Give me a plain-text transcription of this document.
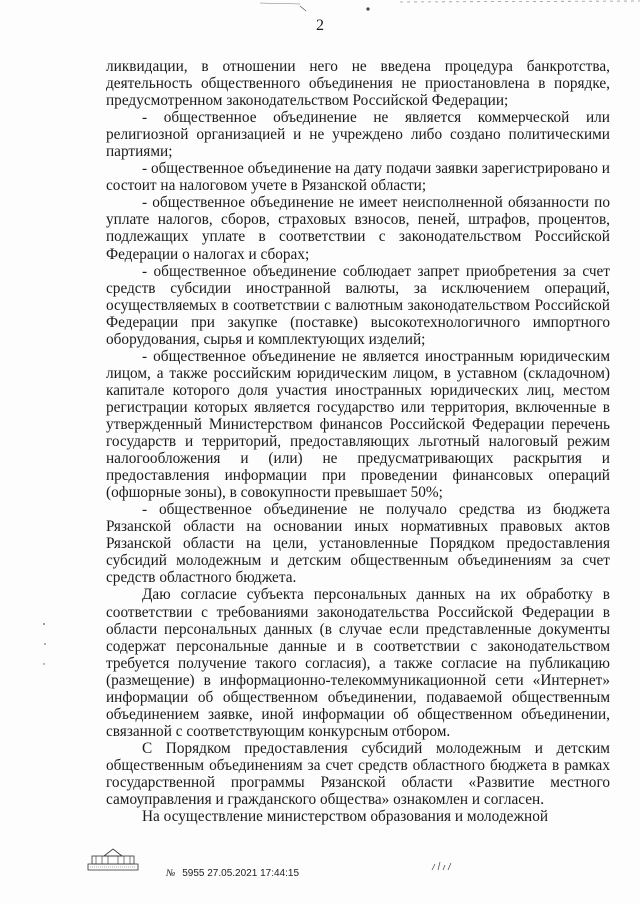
2

ликвидации, в отношении него не введена процедура банкротства, деятельность общественного объединения не приостановлена в порядке, предусмотренном законодательством Российской Федерации;

- общественное объединение не является коммерческой или религиозной организацией и не учреждено либо создано политическими партиями;

- общественное объединение на дату подачи заявки зарегистрировано и состоит на налоговом учете в Рязанской области;

- общественное объединение не имеет неисполненной обязанности по уплате налогов, сборов, страховых взносов, пеней, штрафов, процентов, подлежащих уплате в соответствии с законодательством Российской Федерации о налогах и сборах;

- общественное объединение соблюдает запрет приобретения за счет средств субсидии иностранной валюты, за исключением операций, осуществляемых в соответствии с валютным законодательством Российской Федерации при закупке (поставке) высокотехнологичного импортного оборудования, сырья и комплектующих изделий;

- общественное объединение не является иностранным юридическим лицом, а также российским юридическим лицом, в уставном (складочном) капитале которого доля участия иностранных юридических лиц, местом регистрации которых является государство или территория, включенные в утвержденный Министерством финансов Российской Федерации перечень государств и территорий, предоставляющих льготный налоговый режим налогообложения и (или) не предусматривающих раскрытия и предоставления информации при проведении финансовых операций (офшорные зоны), в совокупности превышает 50%;

- общественное объединение не получало средства из бюджета Рязанской области на основании иных нормативных правовых актов Рязанской области на цели, установленные Порядком предоставления субсидий молодежным и детским общественным объединениям за счет средств областного бюджета.

Даю согласие субъекта персональных данных на их обработку в соответствии с требованиями законодательства Российской Федерации в области персональных данных (в случае если представленные документы содержат персональные данные и в соответствии с законодательством требуется получение такого согласия), а также согласие на публикацию (размещение) в информационно-телекоммуникационной сети «Интернет» информации об общественном объединении, подаваемой общественным объединением заявке, иной информации об общественном объединении, связанной с соответствующим конкурсным отбором.

С Порядком предоставления субсидий молодежным и детским общественным объединениям за счет средств областного бюджета в рамках государственной программы Рязанской области «Развитие местного самоуправления и гражданского общества» ознакомлен и согласен.

На осуществление министерством образования и молодежной

№ 5955 27.05.2021 17:44:15
